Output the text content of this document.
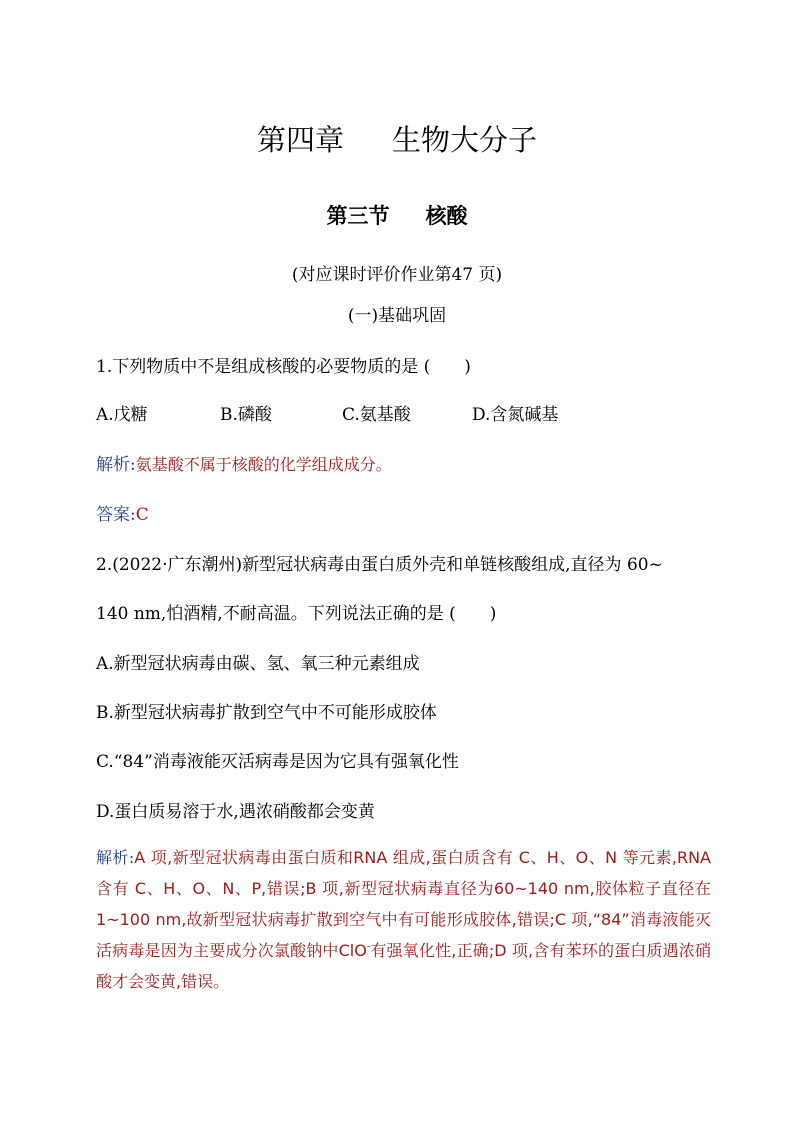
第四章 生物大分子
第三节 核酸
(对应课时评价作业第47 页)
(一)基础巩固
1.下列物质中不是组成核酸的必要物质的是 (　　)
A.戊糖	B.磷酸	C.氨基酸	D.含氮碱基
解析:氨基酸不属于核酸的化学组成成分。
答案:C
2.(2022·广东潮州)新型冠状病毒由蛋白质外壳和单链核酸组成,直径为 60~
140 nm,怕酒精,不耐高温。下列说法正确的是 (　　)
A.新型冠状病毒由碳、氢、氧三种元素组成
B.新型冠状病毒扩散到空气中不可能形成胶体
C.“84”消毒液能灭活病毒是因为它具有强氧化性
D.蛋白质易溶于水,遇浓硝酸都会变黄
解析:A 项,新型冠状病毒由蛋白质和RNA 组成,蛋白质含有 C、H、O、N 等元素,RNA 含有 C、H、O、N、P,错误;B 项,新型冠状病毒直径为60~140 nm,胶体粒子直径在 1~100 nm,故新型冠状病毒扩散到空气中有可能形成胶体,错误;C 项,“84”消毒液能灭活病毒是因为主要成分次氯酸钠中ClO-有强氧化性,正确;D 项,含有苯环的蛋白质遇浓硝酸才会变黄,错误。
